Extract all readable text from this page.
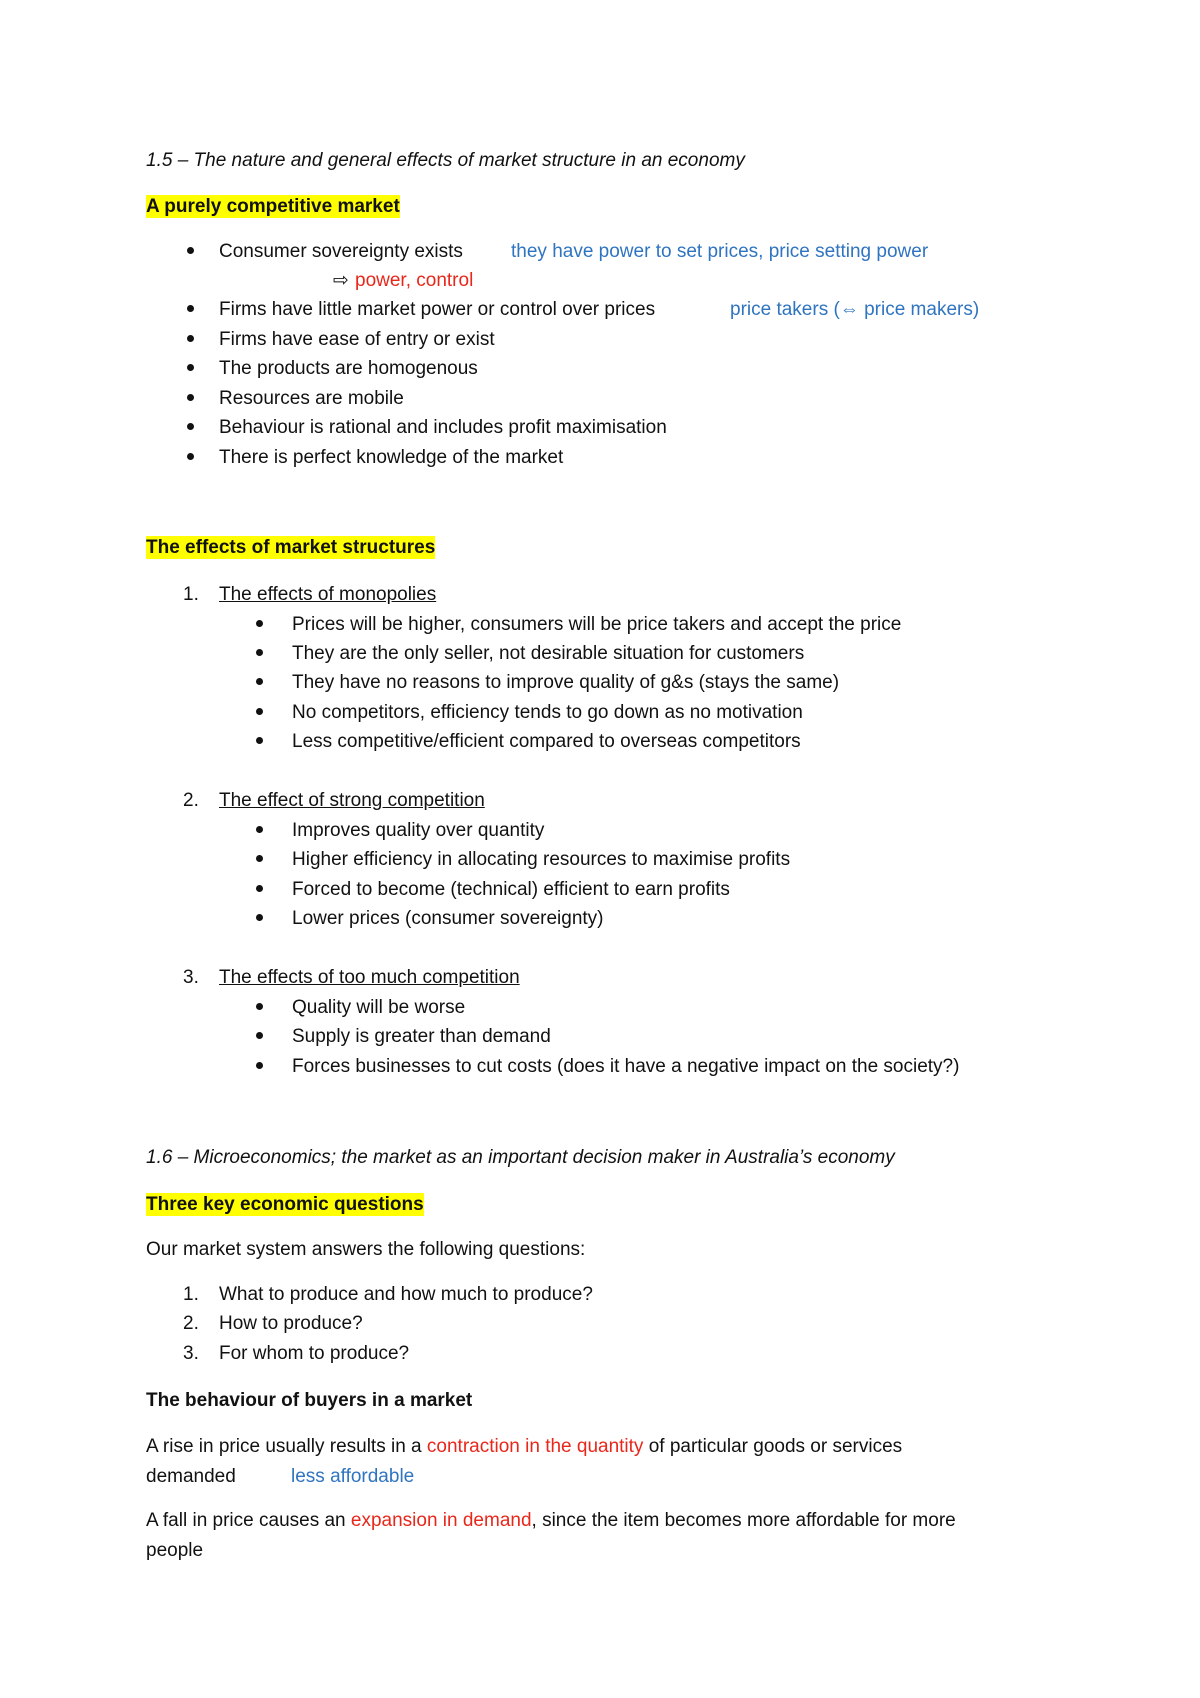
1.5 – The nature and general effects of market structure in an economy
A purely competitive market
Consumer sovereignty exists	they have power to set prices, price setting power
⇨ power, control
Firms have little market power or control over prices	price takers (⇔ price makers)
Firms have ease of entry or exist
The products are homogenous
Resources are mobile
Behaviour is rational and includes profit maximisation
There is perfect knowledge of the market
The effects of market structures
1. The effects of monopolies
Prices will be higher, consumers will be price takers and accept the price
They are the only seller, not desirable situation for customers
They have no reasons to improve quality of g&s (stays the same)
No competitors, efficiency tends to go down as no motivation
Less competitive/efficient compared to overseas competitors
2. The effect of strong competition
Improves quality over quantity
Higher efficiency in allocating resources to maximise profits
Forced to become (technical) efficient to earn profits
Lower prices (consumer sovereignty)
3. The effects of too much competition
Quality will be worse
Supply is greater than demand
Forces businesses to cut costs (does it have a negative impact on the society?)
1.6 – Microeconomics; the market as an important decision maker in Australia’s economy
Three key economic questions
Our market system answers the following questions:
1. What to produce and how much to produce?
2. How to produce?
3. For whom to produce?
The behaviour of buyers in a market
A rise in price usually results in a contraction in the quantity of particular goods or services
demanded	less affordable
A fall in price causes an expansion in demand, since the item becomes more affordable for more
people
